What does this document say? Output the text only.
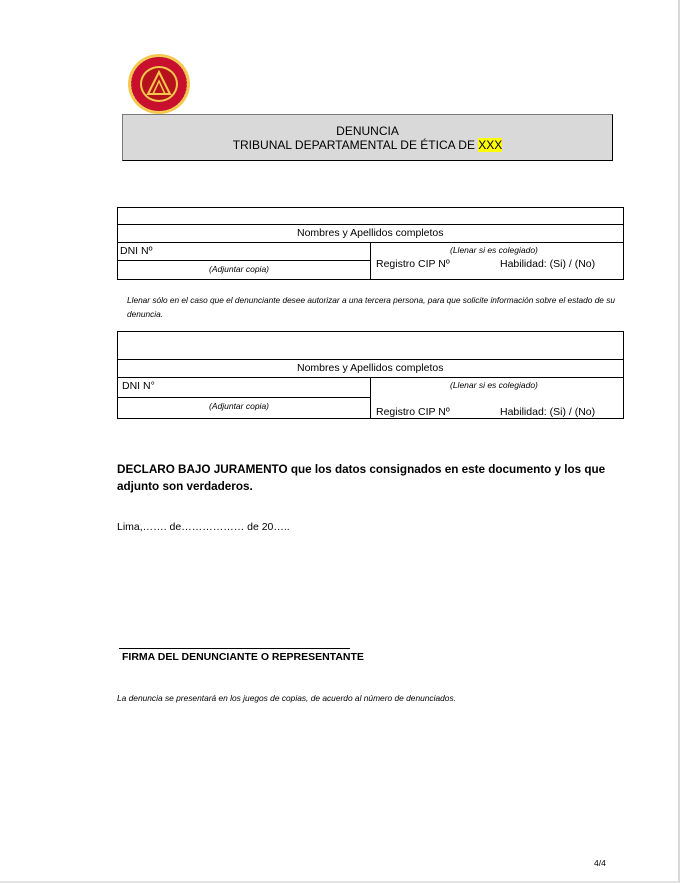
DENUNCIA
TRIBUNAL DEPARTAMENTAL DE ÉTICA DE XXX
Nombres y Apellidos completos
DNI Nº
(Adjuntar copia)
(Llenar si es colegiado)
Registro CIP Nº	Habilidad: (Si) / (No)
Llenar sólo en el caso que el denunciante desee autorizar a una tercera persona, para que solicite información sobre el estado de su denuncia.
Nombres y Apellidos completos
DNI N°
(Adjuntar copia)
(Llenar si es colegiado)
Registro CIP Nº	Habilidad: (Si) / (No)
DECLARO BAJO JURAMENTO que los datos consignados en este documento y los que adjunto son verdaderos.
Lima,……. de……………… de 20…..
FIRMA DEL DENUNCIANTE O REPRESENTANTE
La denuncia se presentará en los juegos de copias, de acuerdo al número de denunciados.
4/4
